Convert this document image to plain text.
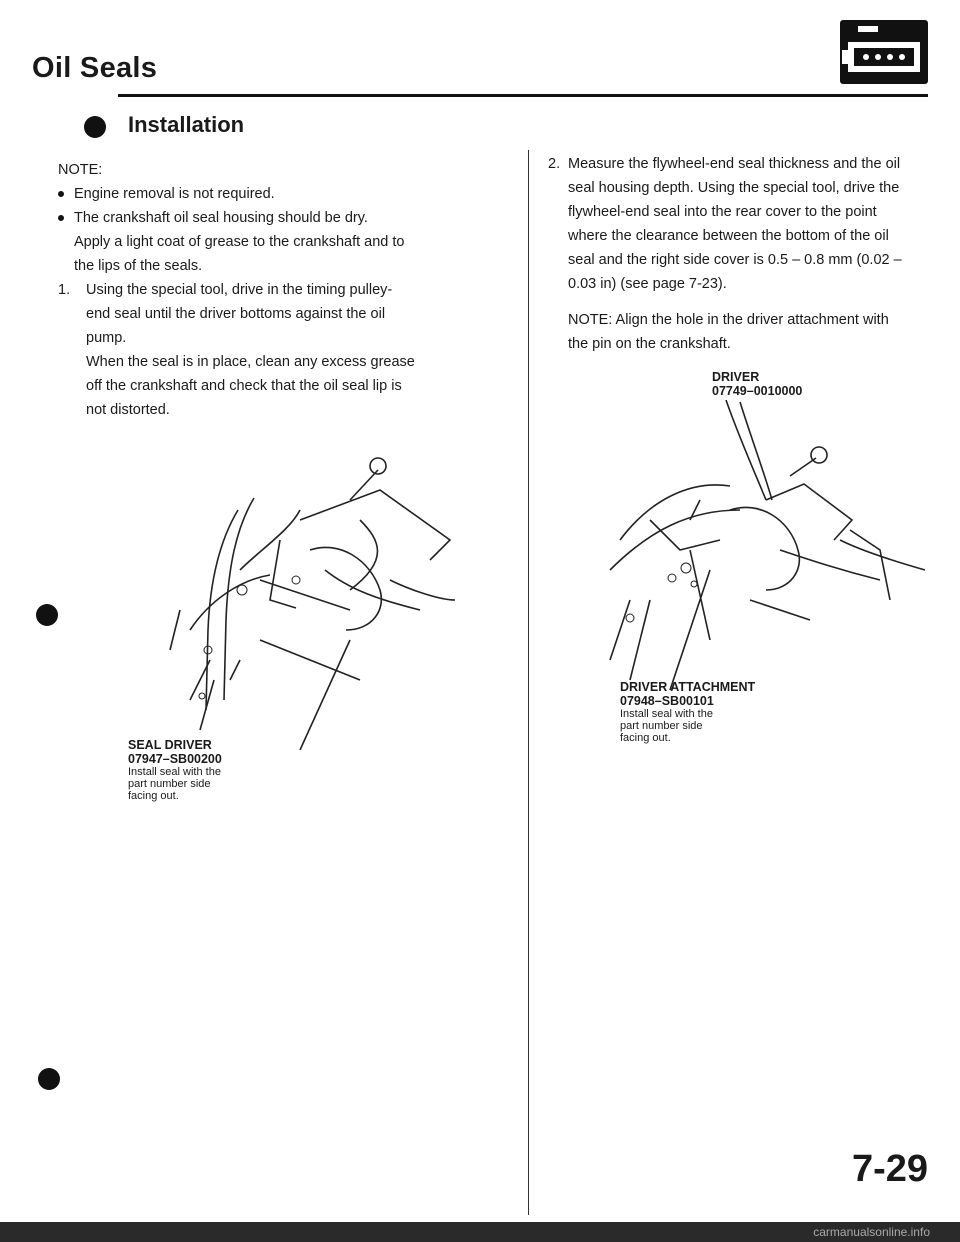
Oil Seals
Installation
NOTE:
Engine removal is not required.
The crankshaft oil seal housing should be dry.
Apply a light coat of grease to the crankshaft and to
the lips of the seals.
1. Using the special tool, drive in the timing pulley-
end seal until the driver bottoms against the oil
pump.
When the seal is in place, clean any excess grease
off the crankshaft and check that the oil seal lip is
not distorted.
SEAL DRIVER
07947–SB00200
Install seal with the
part number side
facing out.
2. Measure the flywheel-end seal thickness and the oil
seal housing depth. Using the special tool, drive the
flywheel-end seal into the rear cover to the point
where the clearance between the bottom of the oil
seal and the right side cover is 0.5 – 0.8 mm (0.02 –
0.03 in) (see page 7-23).
NOTE: Align the hole in the driver attachment with
the pin on the crankshaft.
DRIVER
07749–0010000
DRIVER ATTACHMENT
07948–SB00101
Install seal with the
part number side
facing out.
7-29
carmanualsonline.info
